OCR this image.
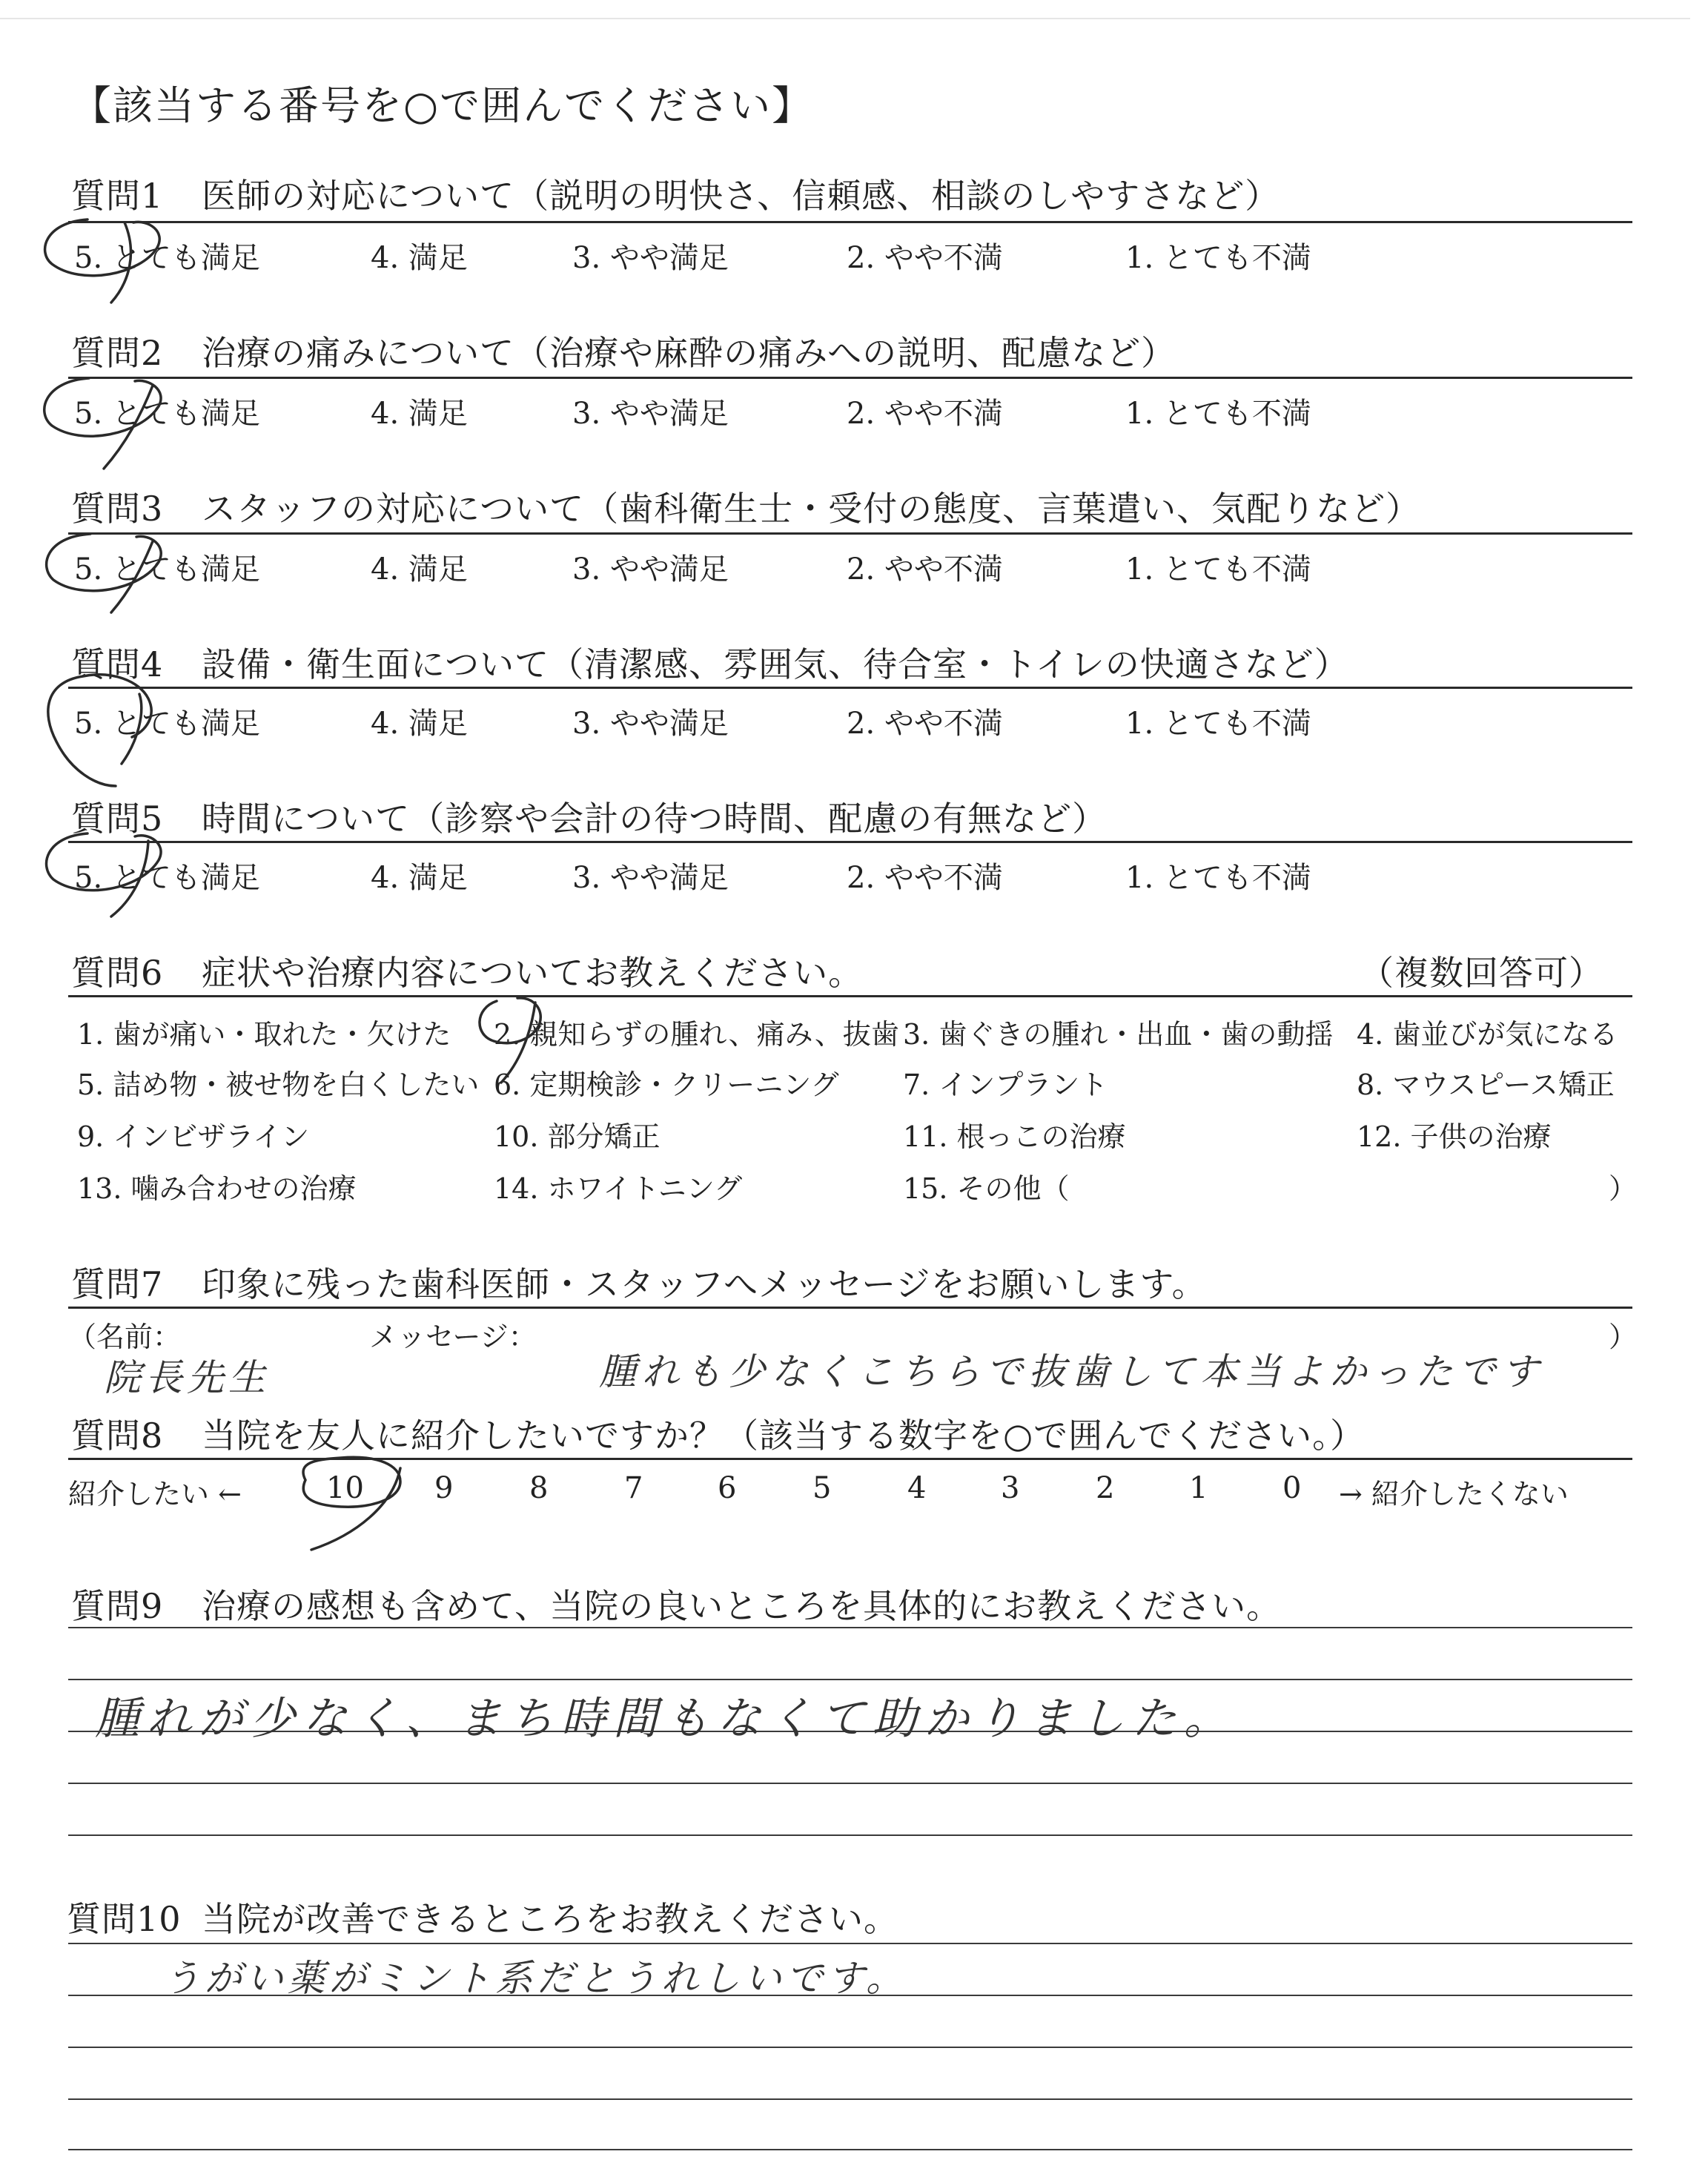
【該当する番号を○で囲んでください】
質問1 医師の対応について（説明の明快さ、信頼感、相談のしやすさなど）
5. とても満足	4. 満足	3. やや満足	2. やや不満	1. とても不満
質問2 治療の痛みについて（治療や麻酔の痛みへの説明、配慮など）
5. とても満足	4. 満足	3. やや満足	2. やや不満	1. とても不満
質問3 スタッフの対応について（歯科衛生士・受付の態度、言葉遣い、気配りなど）
5. とても満足	4. 満足	3. やや満足	2. やや不満	1. とても不満
質問4 設備・衛生面について（清潔感、雰囲気、待合室・トイレの快適さなど）
5. とても満足	4. 満足	3. やや満足	2. やや不満	1. とても不満
質問5 時間について（診察や会計の待つ時間、配慮の有無など）
5. とても満足	4. 満足	3. やや満足	2. やや不満	1. とても不満
質問6 症状や治療内容についてお教えください。	（複数回答可）
1. 歯が痛い・取れた・欠けた 2. 親知らずの腫れ、痛み、抜歯 3. 歯ぐきの腫れ・出血・歯の動揺 4. 歯並びが気になる
5. 詰め物・被せ物を白くしたい 6. 定期検診・クリーニング 7. インプラント	8. マウスピース矯正
9. インビザライン	10. 部分矯正	11. 根っこの治療	12. 子供の治療
13. 噛み合わせの治療	14. ホワイトニング	15. その他（	）
質問7 印象に残った歯科医師・スタッフへメッセージをお願いします。
（名前：	メッセージ：	）
院長先生	腫れも少なくこちらで抜歯して本当よかったです
質問8 当院を友人に紹介したいですか？（該当する数字を○で囲んでください。）
紹介したい ←	→ 紹介したくない
10 9	8	7	6	5	4	3	2	1	0
質問9 治療の感想も含めて、当院の良いところを具体的にお教えください。
腫れが少なく、まち時間もなくて助かりました。
質問10 当院が改善できるところをお教えください。
うがい薬がミント系だとうれしいです。
